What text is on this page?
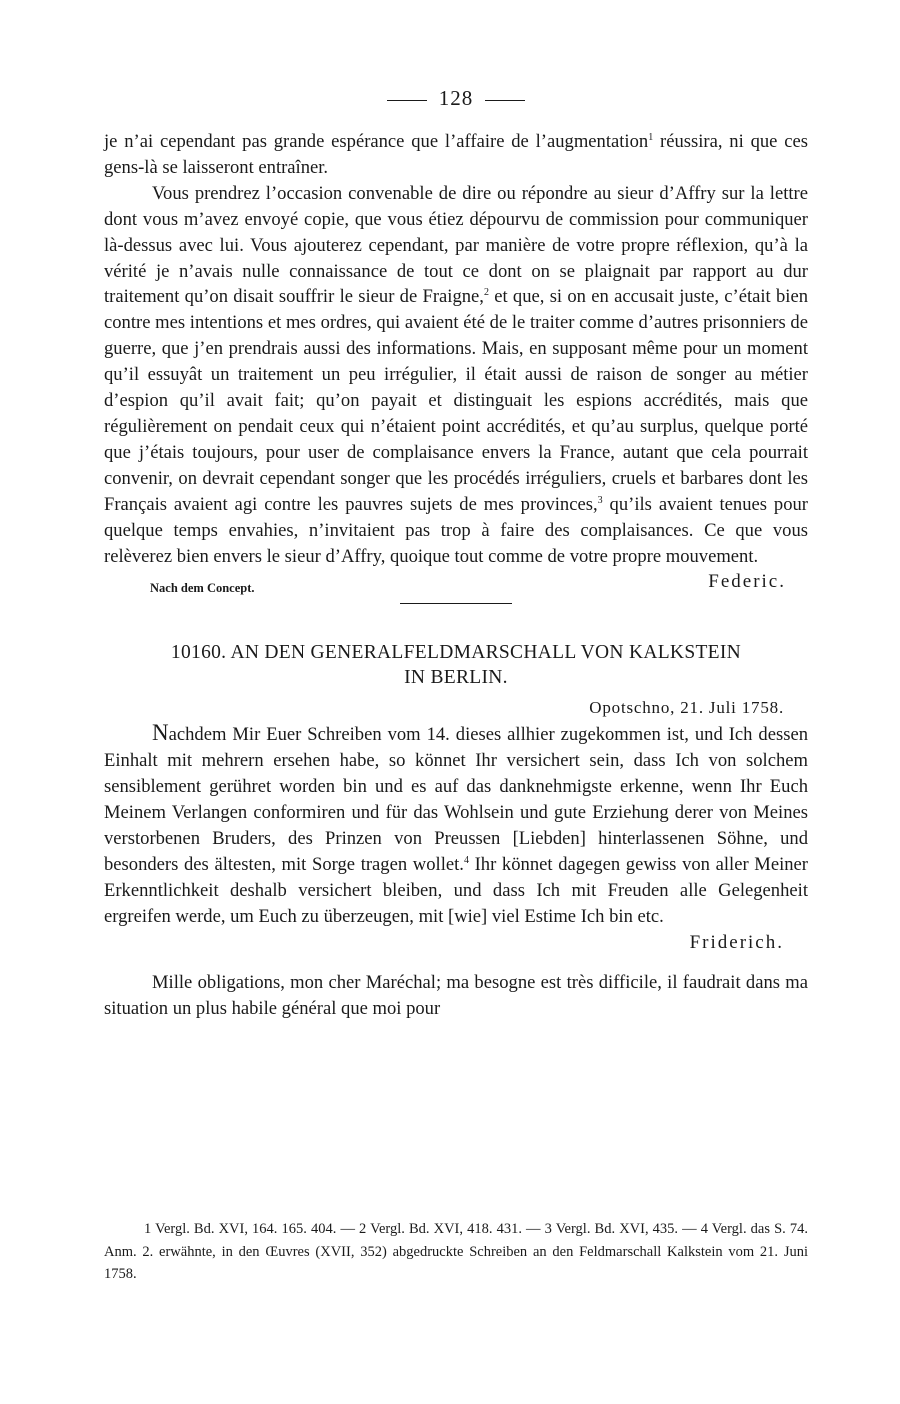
128
je n’ai cependant pas grande espérance que l’affaire de l’augmentation$^1$ réussira, ni que ces gens-là se laisseront entraîner.
Vous prendrez l’occasion convenable de dire ou répondre au sieur d’Affry sur la lettre dont vous m’avez envoyé copie, que vous étiez dépourvu de commission pour communiquer là-dessus avec lui. Vous ajouterez cependant, par manière de votre propre réflexion, qu’à la vérité je n’avais nulle connaissance de tout ce dont on se plaignait par rapport au dur traitement qu’on disait souffrir le sieur de Fraigne,$^2$ et que, si on en accusait juste, c’était bien contre mes intentions et mes ordres, qui avaient été de le traiter comme d’autres prisonniers de guerre, que j’en prendrais aussi des informations. Mais, en supposant même pour un moment qu’il essuyât un traitement un peu irrégulier, il était aussi de raison de songer au métier d’espion qu’il avait fait; qu’on payait et distinguait les espions accrédités, mais que régulièrement on pendait ceux qui n’étaient point accrédités, et qu’au surplus, quelque porté que j’étais toujours, pour user de complaisance envers la France, autant que cela pourrait convenir, on devrait cependant songer que les procédés irréguliers, cruels et barbares dont les Français avaient agi contre les pauvres sujets de mes provinces,$^3$ qu’ils avaient tenues pour quelque temps envahies, n’invitaient pas trop à faire des complaisances. Ce que vous relèverez bien envers le sieur d’Affry, quoique tout comme de votre propre mouvement.
Nach dem Concept.	Federic.
10160. AN DEN GENERALFELDMARSCHALL VON KALKSTEIN
IN BERLIN.
Opotschno, 21. Juli 1758.
Nachdem Mir Euer Schreiben vom 14. dieses allhier zugekommen ist, und Ich dessen Einhalt mit mehrern ersehen habe, so könnet Ihr versichert sein, dass Ich von solchem sensiblement gerühret worden bin und es auf das danknehmigste erkenne, wenn Ihr Euch Meinem Verlangen conformiren und für das Wohlsein und gute Erziehung derer von Meines verstorbenen Bruders, des Prinzen von Preussen [Liebden] hinterlassenen Söhne, und besonders des ältesten, mit Sorge tragen wollet.$^4$ Ihr könnet dagegen gewiss von aller Meiner Erkenntlichkeit deshalb versichert bleiben, und dass Ich mit Freuden alle Gelegenheit ergreifen werde, um Euch zu überzeugen, mit [wie] viel Estime Ich bin etc.
Friderich.
Mille obligations, mon cher Maréchal; ma besogne est très difficile, il faudrait dans ma situation un plus habile général que moi pour

1 Vergl. Bd. XVI, 164. 165. 404. — 2 Vergl. Bd. XVI, 418. 431. — 3 Vergl. Bd. XVI, 435. — 4 Vergl. das S. 74. Anm. 2. erwähnte, in den Œuvres (XVII, 352) abgedruckte Schreiben an den Feldmarschall Kalkstein vom 21. Juni 1758.
